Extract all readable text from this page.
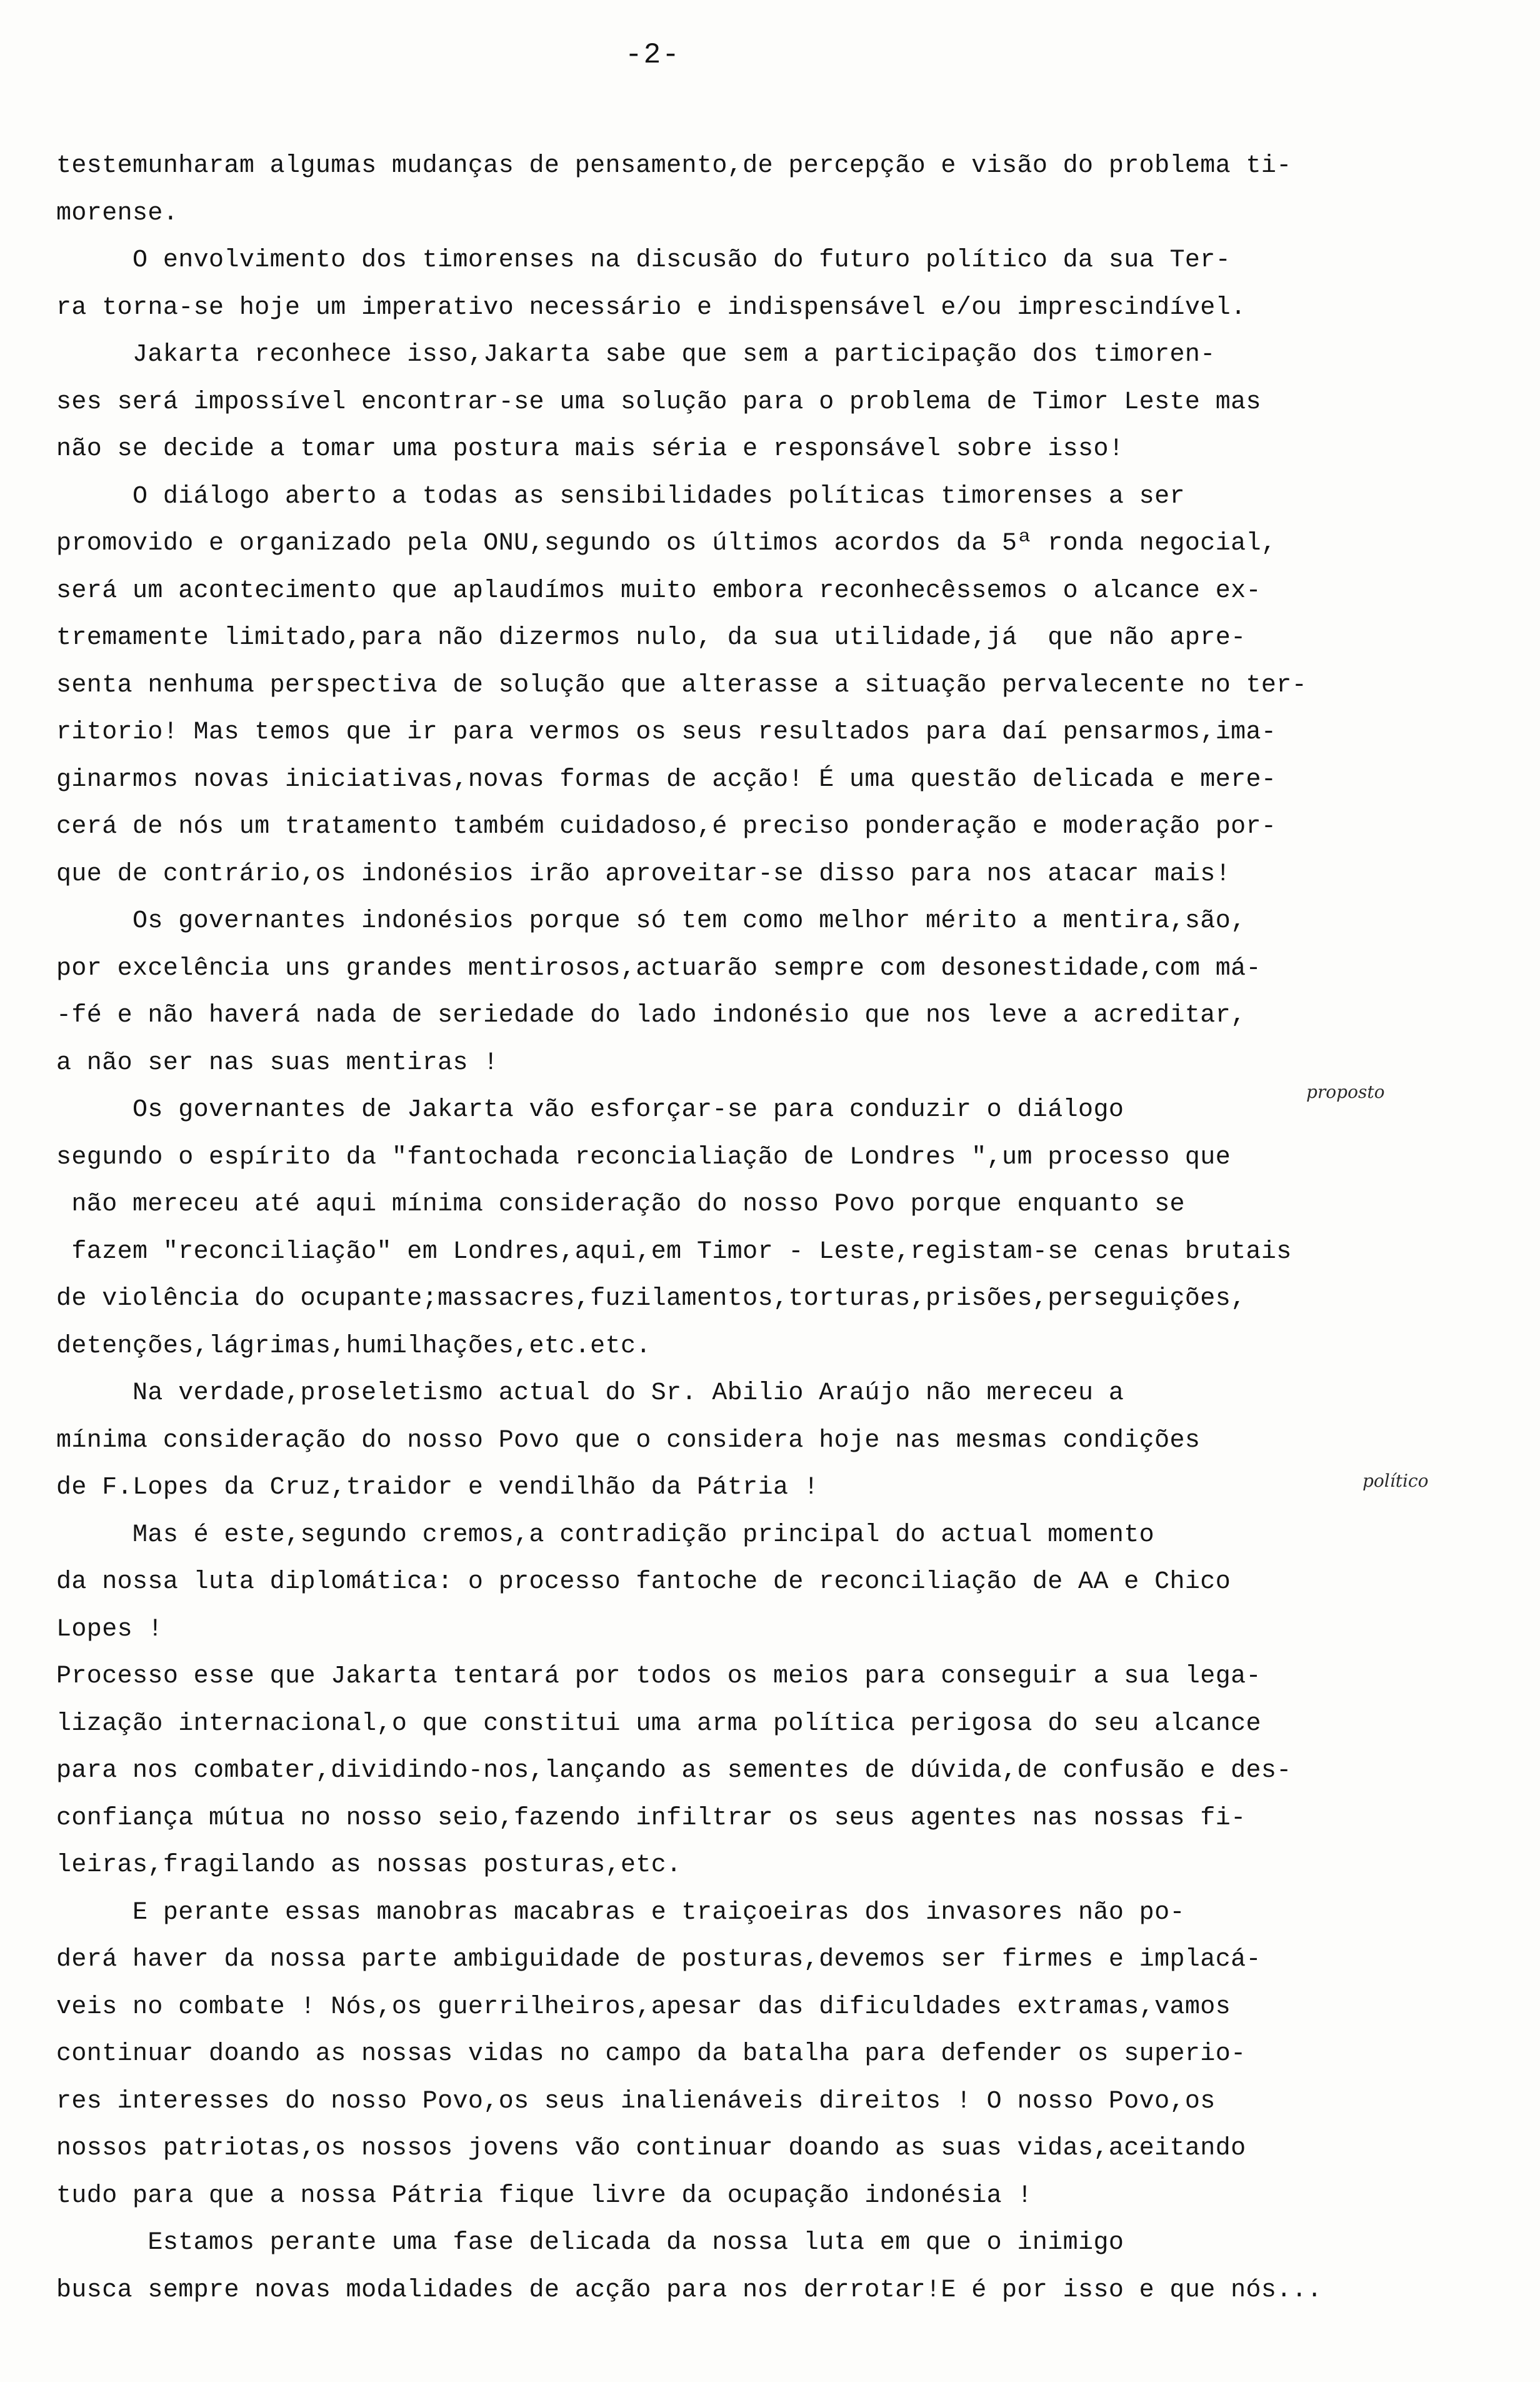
-2-
testemunharam algumas mudanças de pensamento,de percepção e visão do problema ti-
morense.
O envolvimento dos timorenses na discusão do futuro político da sua Ter-
ra torna-se hoje um imperativo necessário e indispensável e/ou imprescindível.
Jakarta reconhece isso,Jakarta sabe que sem a participação dos timoren-
ses será impossível encontrar-se uma solução para o problema de Timor Leste mas
não se decide a tomar uma postura mais séria e responsável sobre isso!
O diálogo aberto a todas as sensibilidades políticas timorenses a ser
promovido e organizado pela ONU,segundo os últimos acordos da 5ª ronda negocial,
será um acontecimento que aplaudímos muito embora reconhecêssemos o alcance ex-
tremamente limitado,para não dizermos nulo, da sua utilidade,já  que não apre-
senta nenhuma perspectiva de solução que alterasse a situação pervalecente no ter-
ritorio! Mas temos que ir para vermos os seus resultados para daí pensarmos,ima-
ginarmos novas iniciativas,novas formas de acção! É uma questão delicada e mere-
cerá de nós um tratamento também cuidadoso,é preciso ponderação e moderação por-
que de contrário,os indonésios irão aproveitar-se disso para nos atacar mais!
Os governantes indonésios porque só tem como melhor mérito a mentira,são,
por excelência uns grandes mentirosos,actuarão sempre com desonestidade,com má-
-fé e não haverá nada de seriedade do lado indonésio que nos leve a acreditar,
a não ser nas suas mentiras !
Os governantes de Jakarta vão esforçar-se para conduzir o diálogo
segundo o espírito da "fantochada reconcialiação de Londres ",um processo que
não mereceu até aqui mínima consideração do nosso Povo porque enquanto se
fazem "reconciliação" em Londres,aqui,em Timor - Leste,registam-se cenas brutais
de violência do ocupante;massacres,fuzilamentos,torturas,prisões,perseguições,
detenções,lágrimas,humilhações,etc.etc.
Na verdade,proseletismo actual do Sr. Abilio Araújo não mereceu a
mínima consideração do nosso Povo que o considera hoje nas mesmas condições
de F.Lopes da Cruz,traidor e vendilhão da Pátria !
Mas é este,segundo cremos,a contradição principal do actual momento
da nossa luta diplomática: o processo fantoche de reconciliação de AA e Chico
Lopes !
Processo esse que Jakarta tentará por todos os meios para conseguir a sua lega-
lização internacional,o que constitui uma arma política perigosa do seu alcance
para nos combater,dividindo-nos,lançando as sementes de dúvida,de confusão e des-
confiança mútua no nosso seio,fazendo infiltrar os seus agentes nas nossas fi-
leiras,fragilando as nossas posturas,etc.
E perante essas manobras macabras e traiçoeiras dos invasores não po-
derá haver da nossa parte ambiguidade de posturas,devemos ser firmes e implacá-
veis no combate ! Nós,os guerrilheiros,apesar das dificuldades extramas,vamos
continuar doando as nossas vidas no campo da batalha para defender os superio-
res interesses do nosso Povo,os seus inalienáveis direitos ! O nosso Povo,os
nossos patriotas,os nossos jovens vão continuar doando as suas vidas,aceitando
tudo para que a nossa Pátria fique livre da ocupação indonésia !
Estamos perante uma fase delicada da nossa luta em que o inimigo
busca sempre novas modalidades de acção para nos derrotar!E é por isso e que nós...
proposto
político
